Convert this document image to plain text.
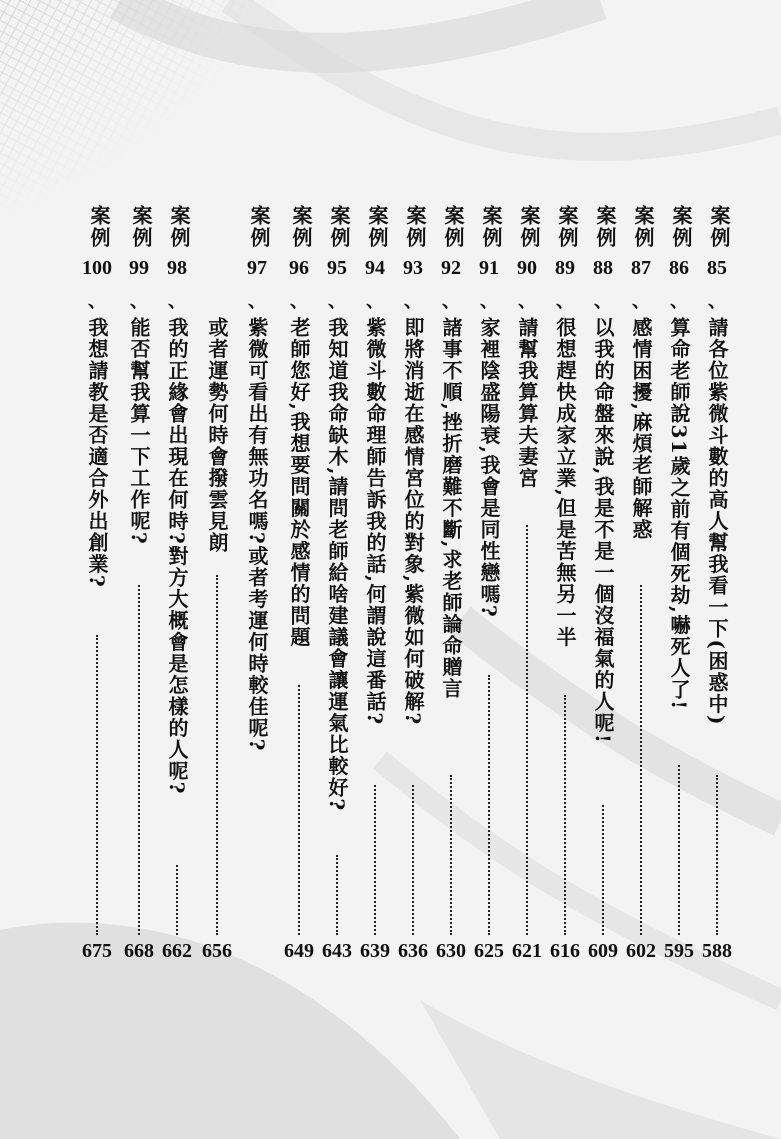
案例
85
、
請各位紫微斗數的高人幫我看一下(困惑中)
588
案例
86
、
算命老師說31歲之前有個死劫,嚇死人了!
595
案例
87
、
感情困擾,麻煩老師解惑
602
案例
88
、
以我的命盤來說,我是不是一個沒福氣的人呢!
609
案例
89
、
很想趕快成家立業,但是苦無另一半
616
案例
90
、
請幫我算算夫妻宮
621
案例
91
、
家裡陰盛陽衰,我會是同性戀嗎?
625
案例
92
、
諸事不順,挫折磨難不斷,求老師論命贈言
630
案例
93
、
即將消逝在感情宮位的對象,紫微如何破解?
636
案例
94
、
紫微斗數命理師告訴我的話,何謂說這番話?
639
案例
95
、
我知道我命缺木,請問老師給啥建議會讓運氣比較好?
643
案例
96
、
老師您好,我想要問關於感情的問題
649
案例
97
、
紫微可看出有無功名嗎?或者考運何時較佳呢?
或者運勢何時會撥雲見朗
656
案例
98
、
我的正緣會出現在何時?對方大概會是怎樣的人呢?
662
案例
99
、
能否幫我算一下工作呢?
668
案例
100
、
我想請教是否適合外出創業?
675
